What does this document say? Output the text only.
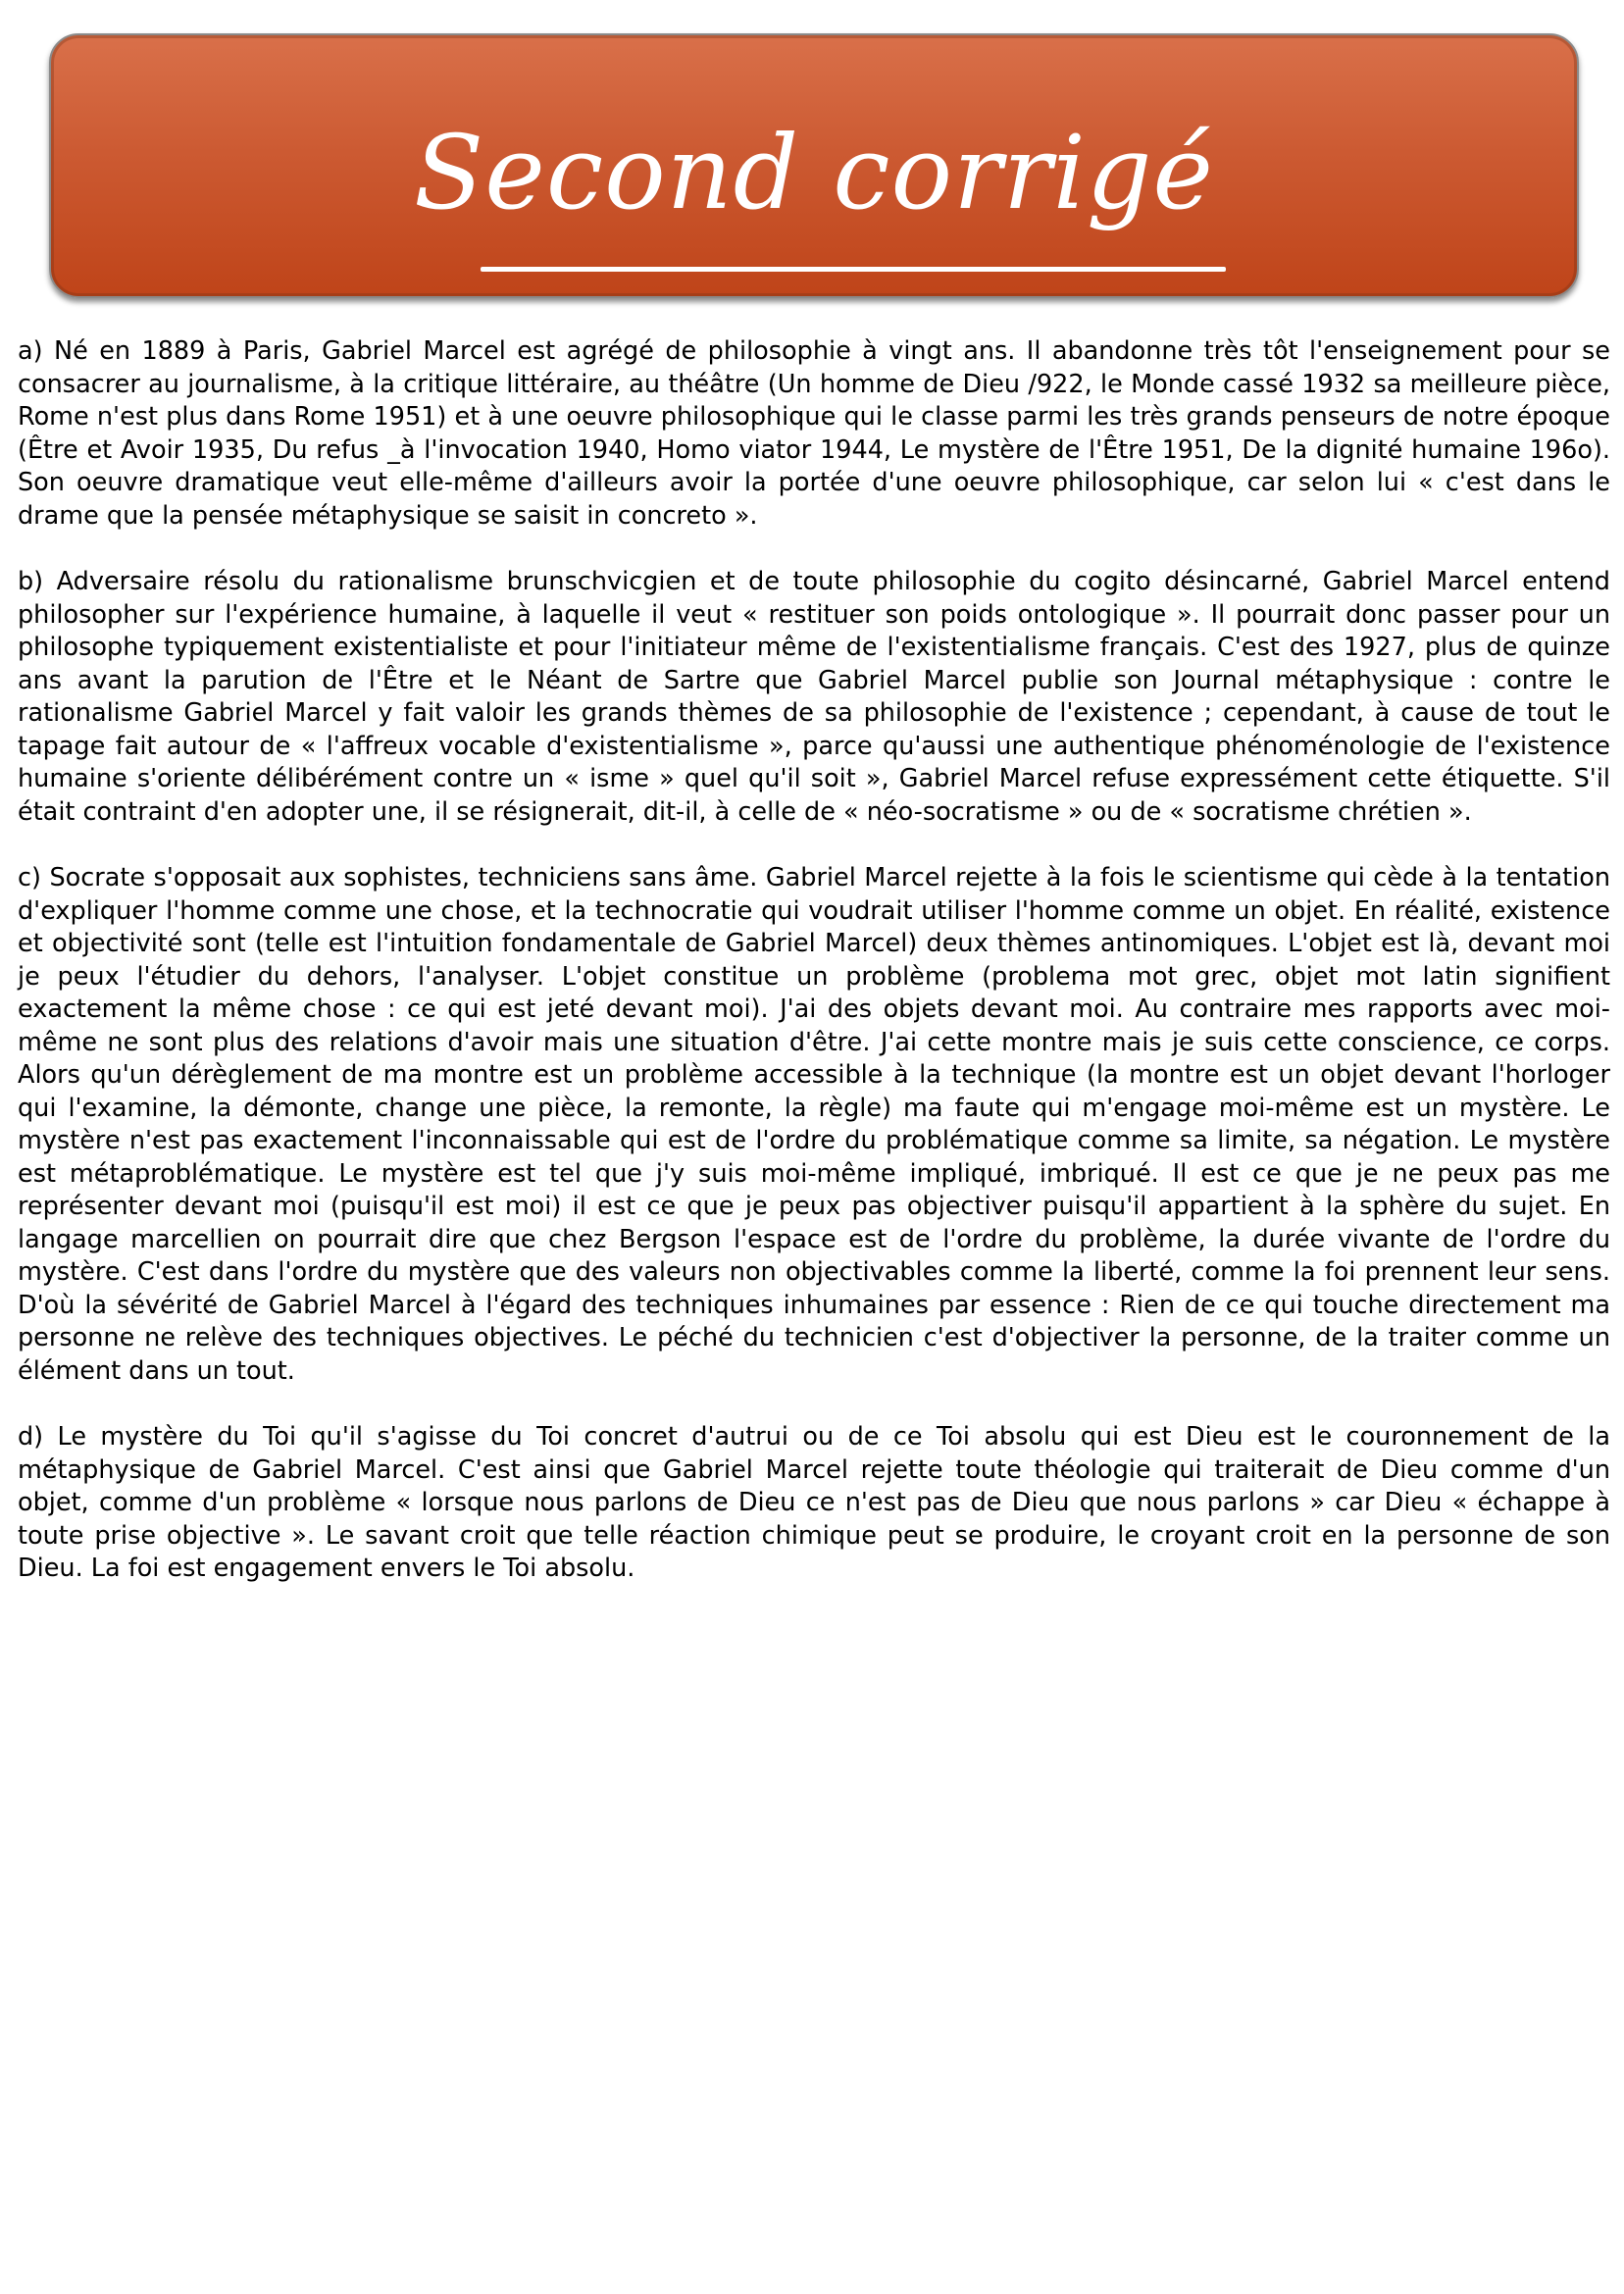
Second corrigé

a) Né en 1889 à Paris, Gabriel Marcel est agrégé de philosophie à vingt ans. Il abandonne très tôt l'enseignement pour se consacrer au journalisme, à la critique littéraire, au théâtre (Un homme de Dieu /922, le Monde cassé 1932 sa meilleure pièce, Rome n'est plus dans Rome 1951) et à une oeuvre philosophique qui le classe parmi les très grands penseurs de notre époque (Être et Avoir 1935, Du refus _à l'invocation 1940, Homo viator 1944, Le mystère de l'Être 1951, De la dignité humaine 196o). Son oeuvre dramatique veut elle-même d'ailleurs avoir la portée d'une oeuvre philosophique, car selon lui « c'est dans le drame que la pensée métaphysique se saisit in concreto ».

b) Adversaire résolu du rationalisme brunschvicgien et de toute philosophie du cogito désincarné, Gabriel Marcel entend philosopher sur l'expérience humaine, à laquelle il veut « restituer son poids ontologique ». Il pourrait donc passer pour un philosophe typiquement existentialiste et pour l'initiateur même de l'existentialisme français. C'est des 1927, plus de quinze ans avant la parution de l'Être et le Néant de Sartre que Gabriel Marcel publie son Journal métaphysique : contre le rationalisme Gabriel Marcel y fait valoir les grands thèmes de sa philosophie de l'existence ; cependant, à cause de tout le tapage fait autour de « l'affreux vocable d'existentialisme », parce qu'aussi une authentique phénoménologie de l'existence humaine s'oriente délibérément contre un « isme » quel qu'il soit », Gabriel Marcel refuse expressément cette étiquette. S'il était contraint d'en adopter une, il se résignerait, dit-il, à celle de « néo-socratisme » ou de « socratisme chrétien ».

c) Socrate s'opposait aux sophistes, techniciens sans âme. Gabriel Marcel rejette à la fois le scientisme qui cède à la tentation d'expliquer l'homme comme une chose, et la technocratie qui voudrait utiliser l'homme comme un objet. En réalité, existence et objectivité sont (telle est l'intuition fondamentale de Gabriel Marcel) deux thèmes antinomiques. L'objet est là, devant moi je peux l'étudier du dehors, l'analyser. L'objet constitue un problème (problema mot grec, objet mot latin signifient exactement la même chose : ce qui est jeté devant moi). J'ai des objets devant moi. Au contraire mes rapports avec moi-même ne sont plus des relations d'avoir mais une situation d'être. J'ai cette montre mais je suis cette conscience, ce corps. Alors qu'un dérèglement de ma montre est un problème accessible à la technique (la montre est un objet devant l'horloger qui l'examine, la démonte, change une pièce, la remonte, la règle) ma faute qui m'engage moi-même est un mystère. Le mystère n'est pas exactement l'inconnaissable qui est de l'ordre du problématique comme sa limite, sa négation. Le mystère est métaproblématique. Le mystère est tel que j'y suis moi-même impliqué, imbriqué. Il est ce que je ne peux pas me représenter devant moi (puisqu'il est moi) il est ce que je peux pas objectiver puisqu'il appartient à la sphère du sujet. En langage marcellien on pourrait dire que chez Bergson l'espace est de l'ordre du problème, la durée vivante de l'ordre du mystère. C'est dans l'ordre du mystère que des valeurs non objectivables comme la liberté, comme la foi prennent leur sens. D'où la sévérité de Gabriel Marcel à l'égard des techniques inhumaines par essence : Rien de ce qui touche directement ma personne ne relève des techniques objectives. Le péché du technicien c'est d'objectiver la personne, de la traiter comme un élément dans un tout.

d) Le mystère du Toi qu'il s'agisse du Toi concret d'autrui ou de ce Toi absolu qui est Dieu est le couronnement de la métaphysique de Gabriel Marcel. C'est ainsi que Gabriel Marcel rejette toute théologie qui traiterait de Dieu comme d'un objet, comme d'un problème « lorsque nous parlons de Dieu ce n'est pas de Dieu que nous parlons » car Dieu « échappe à toute prise objective ». Le savant croit que telle réaction chimique peut se produire, le croyant croit en la personne de son Dieu. La foi est engagement envers le Toi absolu.
